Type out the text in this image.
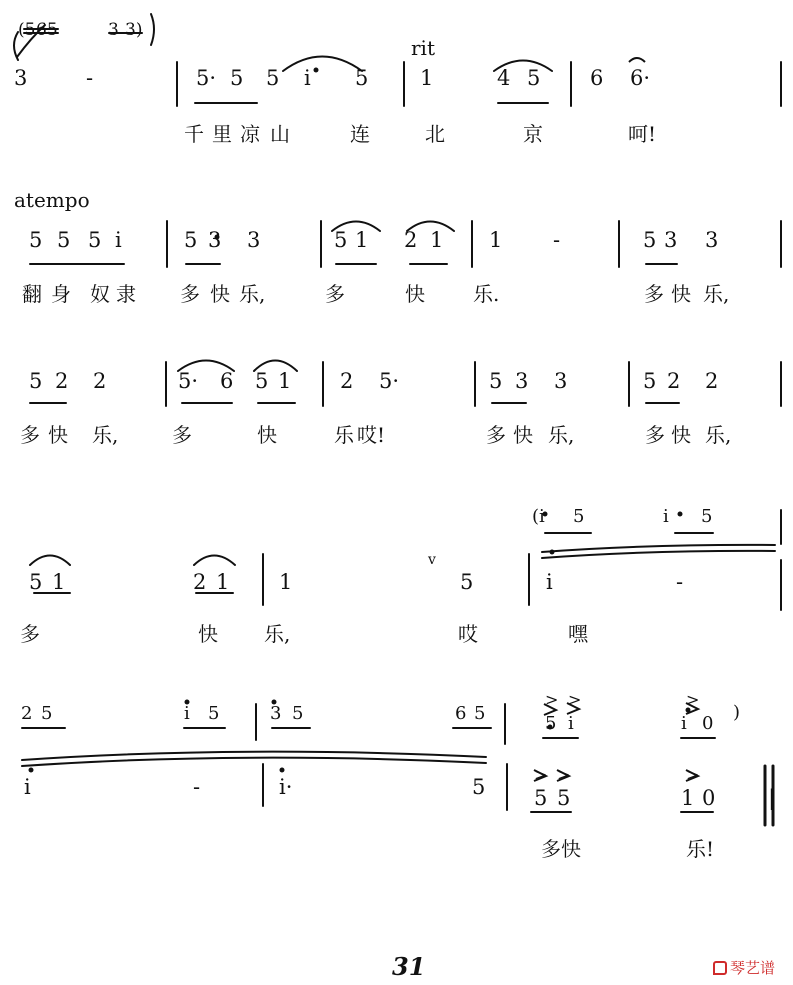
(5 65	3 3)
rit
atempo
3	-	5· 5 5 i 5 1	4 5 6 6·
5 5 5 i	5 3 3	5 1 2 1 1 -	5 3 3
5 2 2	5· 6 5 1 2 5·	5 3 3	5 2 2
(i 5	i 5
5 1	2 1 1
v
5	i	-
2 5	i 5	3 5	6 5
> >
5 i
>
i 0
)
i	-	i·	5
> >
5 5
>
1 0 ||
千 里 凉 山	连	北	京	呵!
翻 身 奴 隶 多 快 乐,	多	快 乐.	多 快 乐,
多 快 乐,	多	快	乐 哎!	多 快 乐,	多 快 乐,
多	快 乐,	哎	嘿
多 快	乐!
31	琴艺谱
